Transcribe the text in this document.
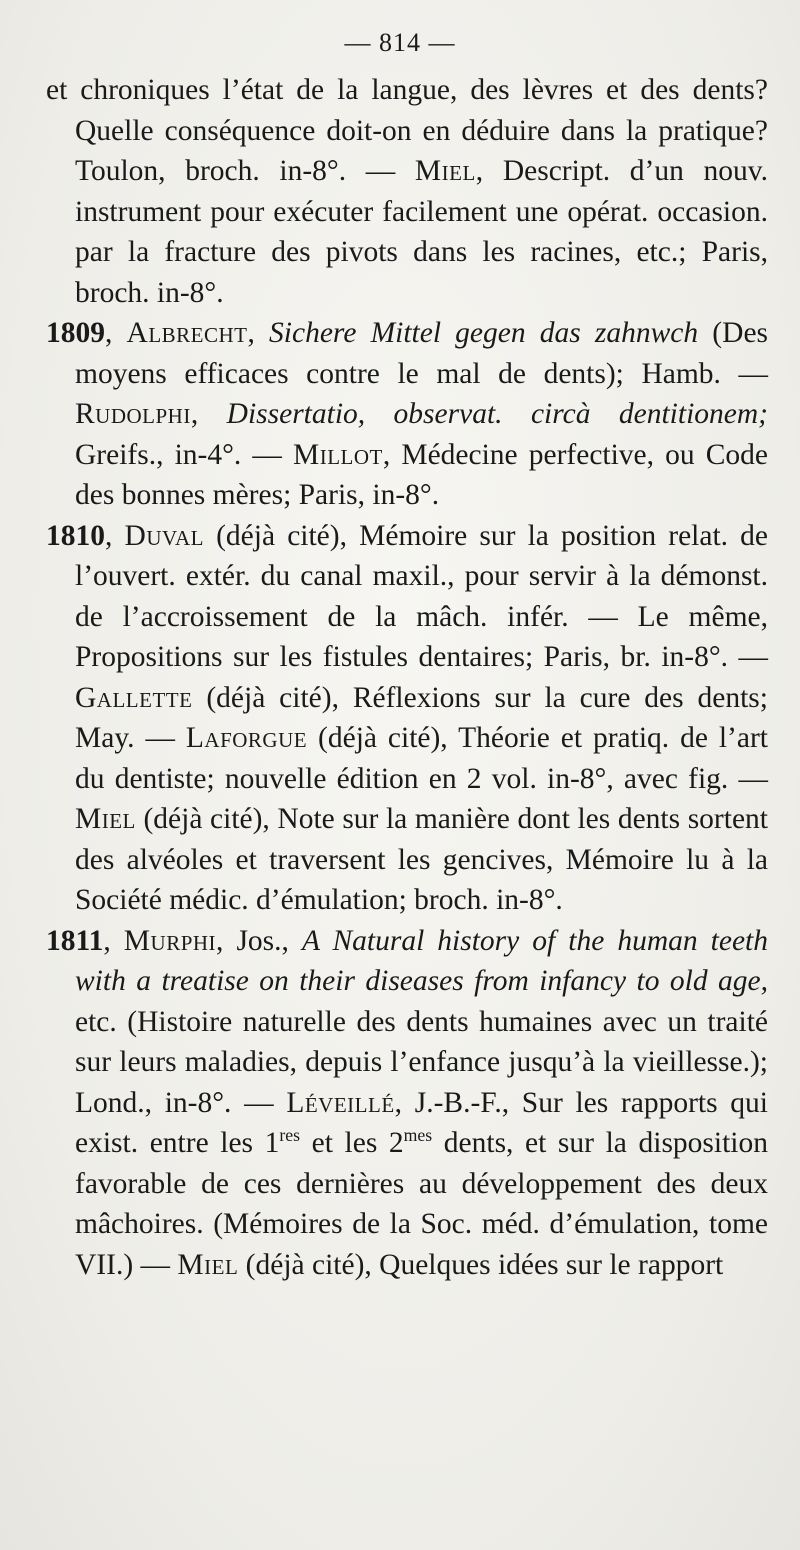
— 814 —

et chroniques l’état de la langue, des lèvres et des dents? Quelle conséquence doit-on en déduire dans la pratique? Toulon, broch. in-8°. — Miel, Descript. d’un nouv. instrument pour exécuter facilement une opérat. occasion. par la fracture des pivots dans les racines, etc.; Paris, broch. in-8°.

1809, Albrecht, Sichere Mittel gegen das zahnwch (Des moyens efficaces contre le mal de dents); Hamb. — Rudolphi, Dissertatio, observat. circà dentitionem; Greifs., in-4°. — Millot, Médecine perfective, ou Code des bonnes mères; Paris, in-8°.

1810, Duval (déjà cité), Mémoire sur la position relat. de l’ouvert. extér. du canal maxil., pour servir à la démonst. de l’accroissement de la mâch. infér. — Le même, Propositions sur les fistules dentaires; Paris, br. in-8°. — Gallette (déjà cité), Réflexions sur la cure des dents; May. — Laforgue (déjà cité), Théorie et pratiq. de l’art du dentiste; nouvelle édition en 2 vol. in-8°, avec fig. — Miel (déjà cité), Note sur la manière dont les dents sortent des alvéoles et traversent les gencives, Mémoire lu à la Société médic. d’émulation; broch. in-8°.

1811, Murphi, Jos., A Natural history of the human teeth with a treatise on their diseases from infancy to old age, etc. (Histoire naturelle des dents humaines avec un traité sur leurs maladies, depuis l’enfance jusqu’à la vieillesse.); Lond., in-8°. — Léveillé, J.-B.-F., Sur les rapports qui exist. entre les 1res et les $2^{mes}$ dents, et sur la disposition favorable de ces dernières au développement des deux mâchoires. (Mémoires de la Soc. méd. d’émulation, tome VII.) — Miel (déjà cité), Quelques idées sur le rapport
